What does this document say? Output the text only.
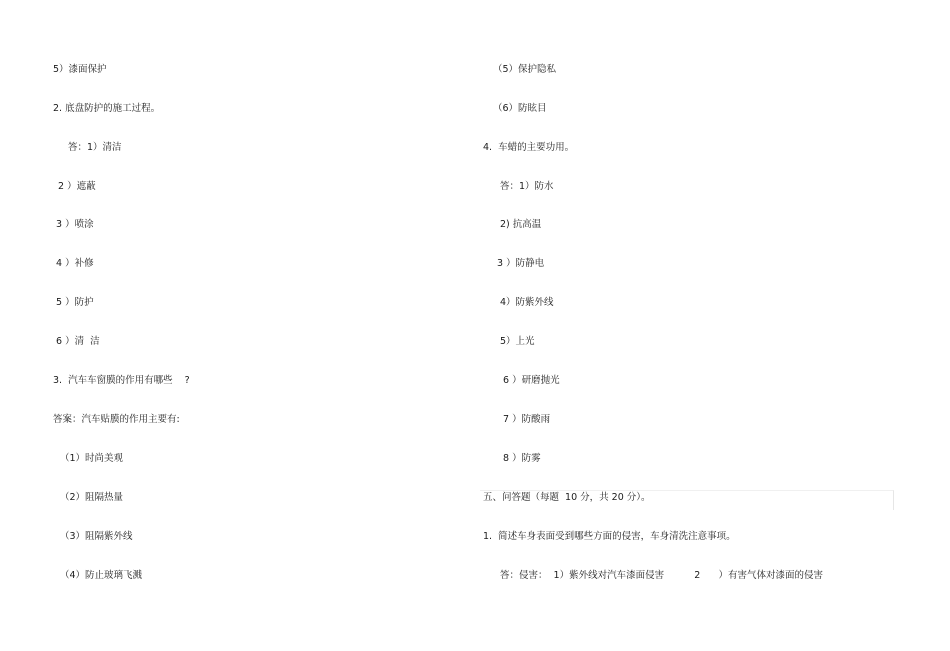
5）漆面保护
2. 底盘防护的施工过程。
答：1）清洁
2 ）遮蔽
3 ）喷涂
4 ）补修
5 ）防护
6 ）清  洁
3.  汽车车窗膜的作用有哪些    ?
答案：汽车贴膜的作用主要有:
（1）时尚美观
（2）阻隔热量
（3）阻隔紫外线
（4）防止玻璃飞溅
（5）保护隐私
（6）防眩目
4.  车蜡的主要功用。
答：1）防水
2) 抗高温
3 ）防静电
4）防紫外线
5）上光
6 ）研磨抛光
7 ）防酸雨
8 ）防雾
五、问答题（每题  10 分，共 20 分）。
1.  简述车身表面受到哪些方面的侵害，车身清洗注意事项。
答：侵害：  1）紫外线对汽车漆面侵害          2      ）有害气体对漆面的侵害
